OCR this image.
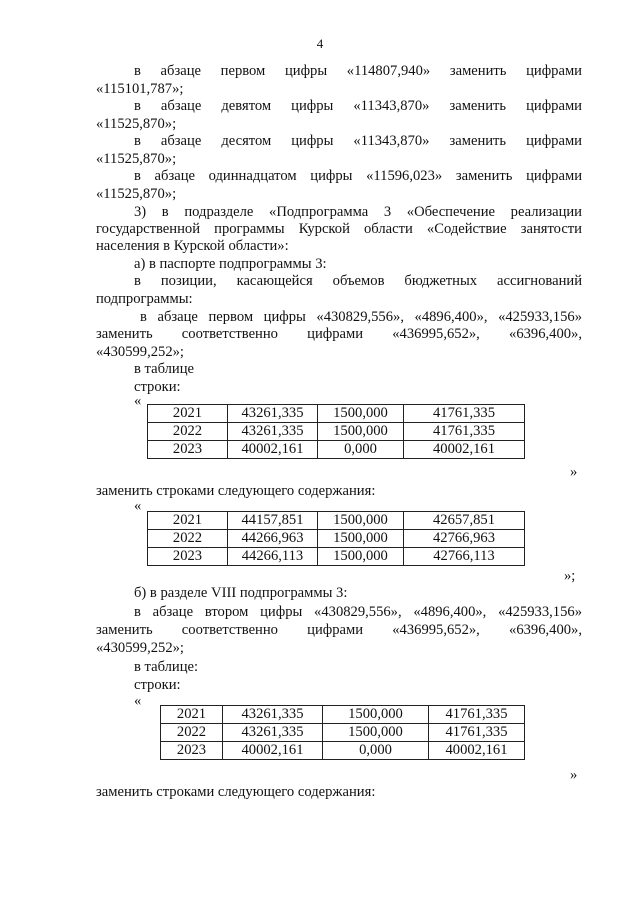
4
в абзаце первом цифры «114807,940» заменить цифрами
«115101,787»;
в абзаце девятом цифры «11343,870» заменить цифрами
«11525,870»;
в абзаце десятом цифры «11343,870» заменить цифрами
«11525,870»;
в абзаце одиннадцатом цифры «11596,023» заменить цифрами
«11525,870»;
3) в подразделе «Подпрограмма 3 «Обеспечение реализации
государственной программы Курской области «Содействие занятости
населения в Курской области»:
а) в паспорте подпрограммы 3:
в позиции, касающейся объемов бюджетных ассигнований
подпрограммы:
в абзаце первом цифры «430829,556», «4896,400», «425933,156»
заменить соответственно цифрами «436995,652», «6396,400»,
«430599,252»;
в таблице
строки:
«
2021	43261,335	1500,000	41761,335
2022	43261,335	1500,000	41761,335
2023	40002,161	0,000	40002,161
»
заменить строками следующего содержания:
«
2021	44157,851	1500,000	42657,851
2022	44266,963	1500,000	42766,963
2023	44266,113	1500,000	42766,113
»;
б) в разделе VIII подпрограммы 3:
в абзаце втором цифры «430829,556», «4896,400», «425933,156»
заменить соответственно цифрами «436995,652», «6396,400»,
«430599,252»;
в таблице:
строки:
«
2021	43261,335	1500,000	41761,335
2022	43261,335	1500,000	41761,335
2023	40002,161	0,000	40002,161
»
заменить строками следующего содержания:
